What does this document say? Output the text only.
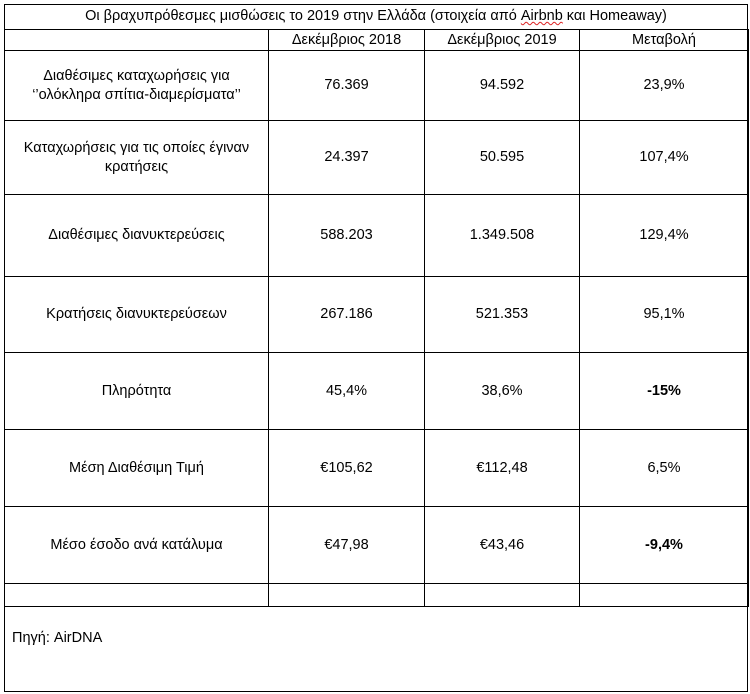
Οι βραχυπρόθεσμες μισθώσεις το 2019 στην Ελλάδα (στοιχεία από Airbnb και Homeaway)
	Δεκέμβριος 2018	Δεκέμβριος 2019	Μεταβολή
Διαθέσιμες καταχωρήσεις για ‘’ολόκληρα σπίτια-διαμερίσματα’’	76.369	94.592	23,9%
Καταχωρήσεις για τις οποίες έγιναν κρατήσεις	24.397	50.595	107,4%
Διαθέσιμες διανυκτερεύσεις	588.203	1.349.508	129,4%
Κρατήσεις διανυκτερεύσεων	267.186	521.353	95,1%
Πληρότητα	45,4%	38,6%	-15%
Μέση Διαθέσιμη Τιμή	€105,62	€112,48	6,5%
Μέσο έσοδο ανά κατάλυμα	€47,98	€43,46	-9,4%

Πηγή: AirDNA
